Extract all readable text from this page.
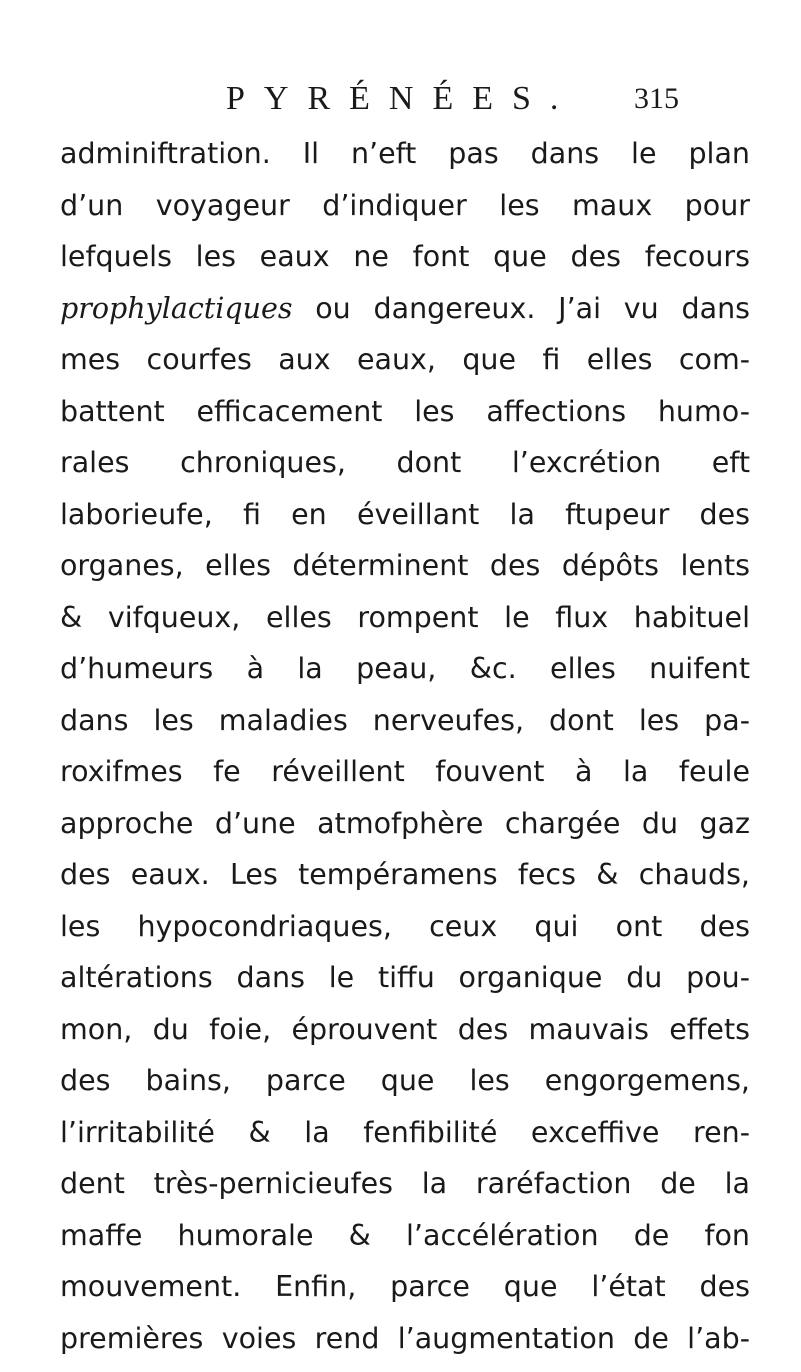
PYRÉNÉES. 315
adminiftration. Il n’eft pas dans le plan
d’un voyageur d’indiquer les maux pour
lefquels les eaux ne font que des fecours
prophylactiques ou dangereux. J’ai vu dans
mes courfes aux eaux, que fi elles com-
battent efficacement les affections humo-
rales chroniques, dont l’excrétion eft
laborieufe, fi en éveillant la ftupeur des
organes, elles déterminent des dépôts lents
& vifqueux, elles rompent le flux habituel
d’humeurs à la peau, &c. elles nuifent
dans les maladies nerveufes, dont les pa-
roxifmes fe réveillent fouvent à la feule
approche d’une atmofphère chargée du gaz
des eaux. Les tempéramens fecs & chauds,
les hypocondriaques, ceux qui ont des
altérations dans le tiffu organique du pou-
mon, du foie, éprouvent des mauvais effets
des bains, parce que les engorgemens,
l’irritabilité & la fenfibilité exceffive ren-
dent très-pernicieufes la raréfaction de la
maffe humorale & l’accélération de fon
mouvement. Enfin, parce que l’état des
premières voies rend l’augmentation de l’ab-
